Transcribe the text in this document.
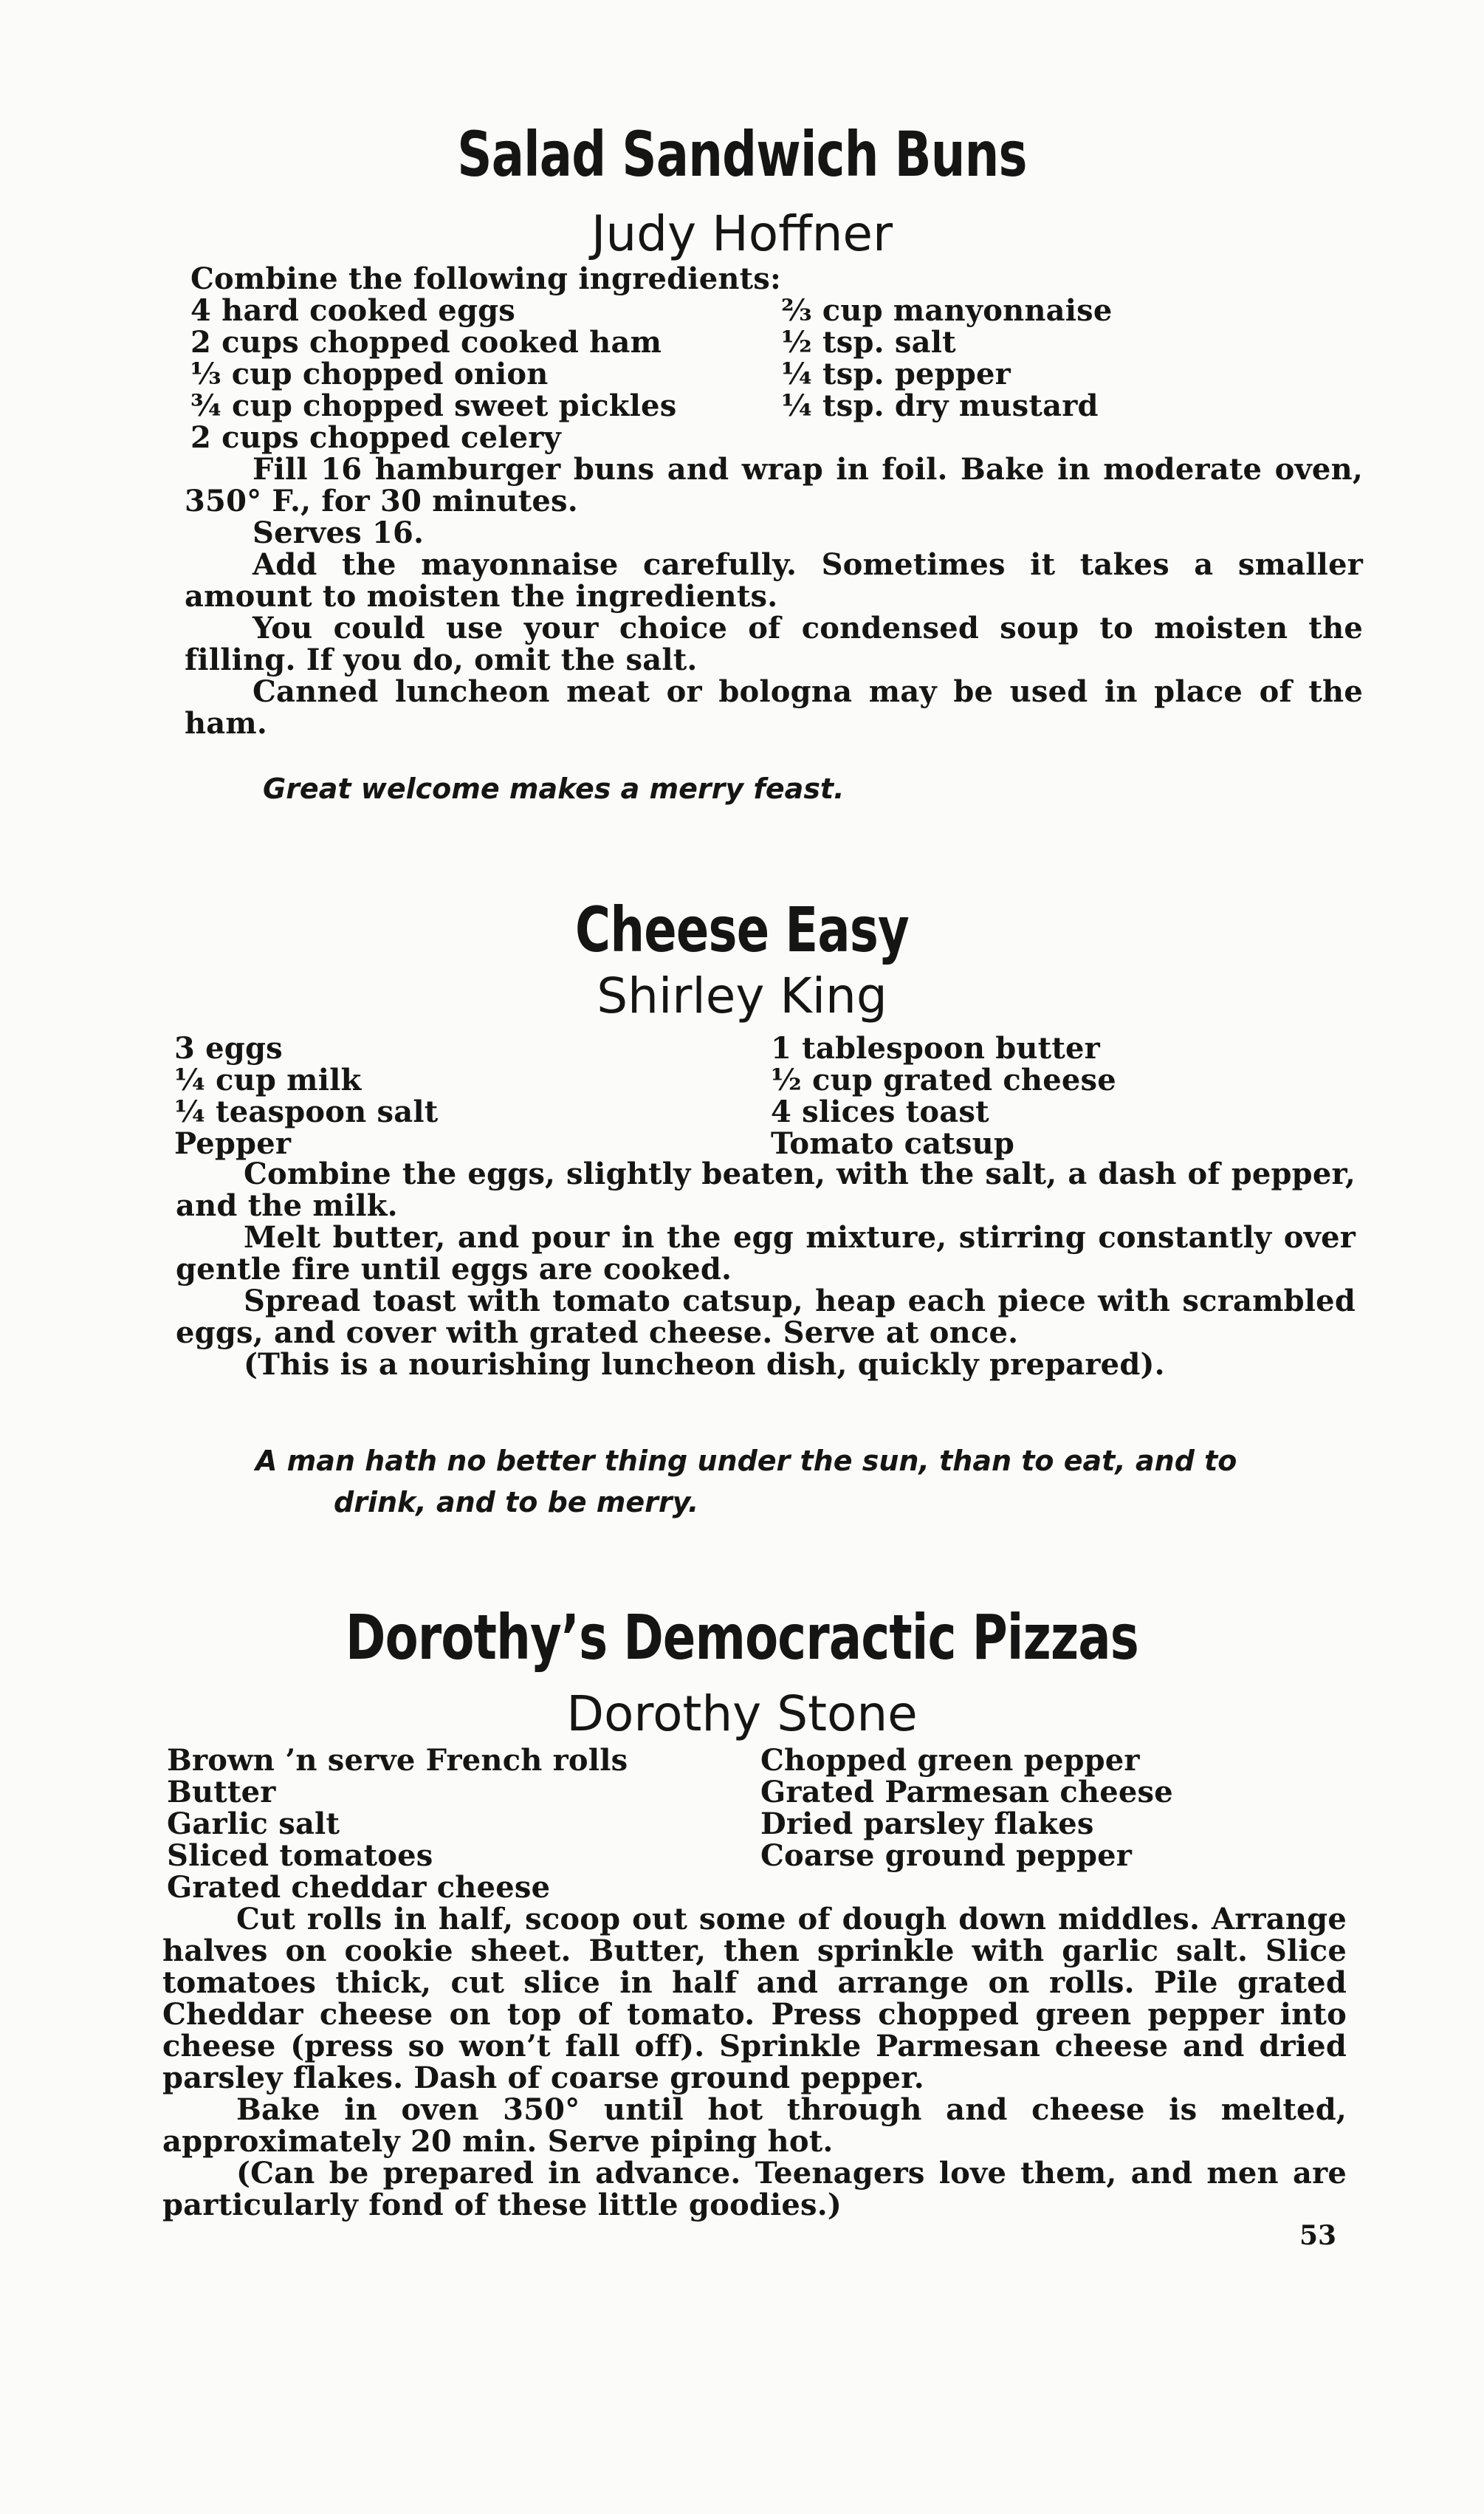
Salad Sandwich Buns
Judy Hoffner
Combine the following ingredients:
4 hard cooked eggs
2 cups chopped cooked ham
⅓ cup chopped onion
¾ cup chopped sweet pickles
2 cups chopped celery
⅔ cup manyonnaise
½ tsp. salt
¼ tsp. pepper
¼ tsp. dry mustard

Fill 16 hamburger buns and wrap in foil. Bake in moderate oven, 350° F., for 30 minutes.

Serves 16.

Add the mayonnaise carefully. Sometimes it takes a smaller amount to moisten the ingredients.

You could use your choice of condensed soup to moisten the filling. If you do, omit the salt.

Canned luncheon meat or bologna may be used in place of the ham.

Great welcome makes a merry feast.
Cheese Easy
Shirley King
3 eggs
¼ cup milk
¼ teaspoon salt
Pepper
1 tablespoon butter
½ cup grated cheese
4 slices toast
Tomato catsup

Combine the eggs, slightly beaten, with the salt, a dash of pepper, and the milk.

Melt butter, and pour in the egg mixture, stirring constantly over gentle fire until eggs are cooked.

Spread toast with tomato catsup, heap each piece with scrambled eggs, and cover with grated cheese. Serve at once.

(This is a nourishing luncheon dish, quickly prepared).

A man hath no better thing under the sun, than to eat, and to
drink, and to be merry.
Dorothy’s Democractic Pizzas
Dorothy Stone
Brown ’n serve French rolls
Butter
Garlic salt
Sliced tomatoes
Grated cheddar cheese
Chopped green pepper
Grated Parmesan cheese
Dried parsley flakes
Coarse ground pepper

Cut rolls in half, scoop out some of dough down middles. Arrange halves on cookie sheet. Butter, then sprinkle with garlic salt. Slice tomatoes thick, cut slice in half and arrange on rolls. Pile grated Cheddar cheese on top of tomato. Press chopped green pepper into cheese (press so won’t fall off). Sprinkle Parmesan cheese and dried parsley flakes. Dash of coarse ground pepper.

Bake in oven 350° until hot through and cheese is melted, approximately 20 min. Serve piping hot.

(Can be prepared in advance. Teenagers love them, and men are particularly fond of these little goodies.)

53
